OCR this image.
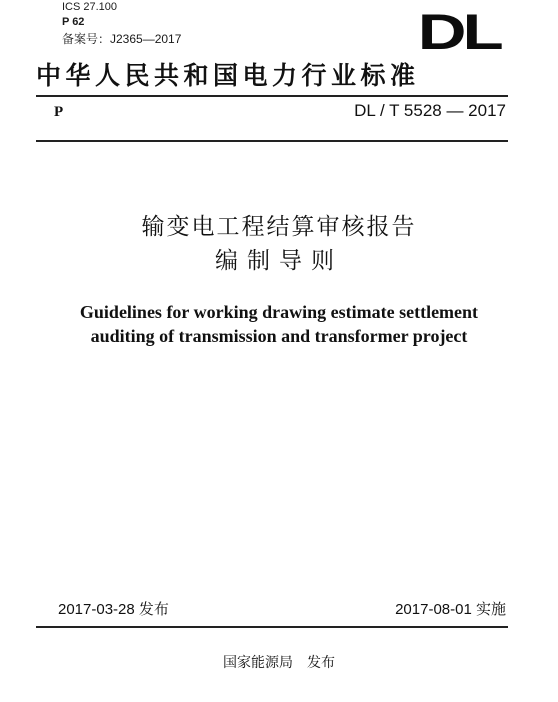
ICS 27.100
P 62
备案号：J2365—2017	DL
中华人民共和国电力行业标准
P	DL / T 5528 — 2017
输变电工程结算审核报告
编制导则
Guidelines for working drawing estimate settlement
auditing of transmission and transformer project
2017-03-28 发布	2017-08-01 实施
国家能源局 发布
